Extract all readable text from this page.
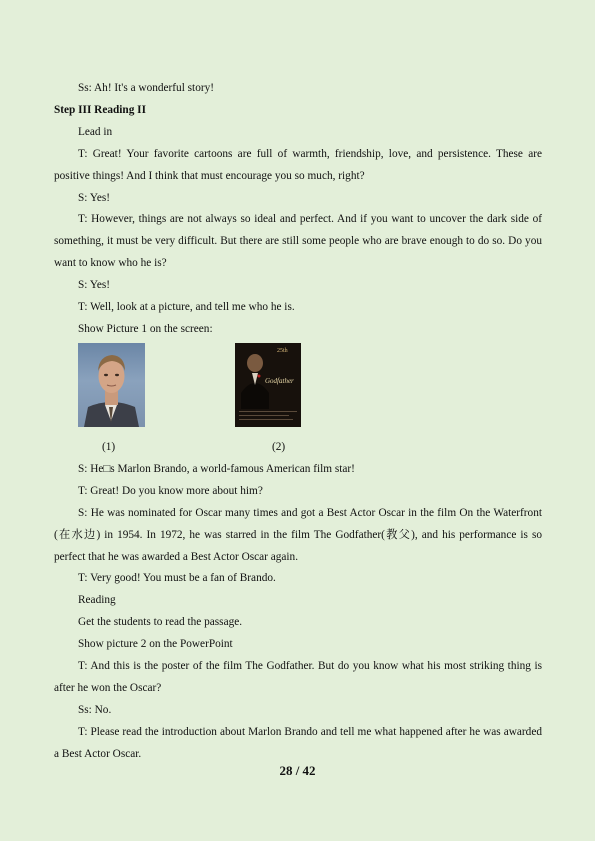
Ss: Ah! It's a wonderful story!

Step III Reading II

Lead in

T: Great! Your favorite cartoons are full of warmth, friendship, love, and persistence. These are positive things! And I think that must encourage you so much, right?

S: Yes!

T: However, things are not always so ideal and perfect. And if you want to uncover the dark side of something, it must be very difficult. But there are still some people who are brave enough to do so. Do you want to know who he is?

S: Yes!

T: Well, look at a picture, and tell me who he is.

Show Picture 1 on the screen:

25th
Godfather
(1)	(2)

S: He□s Marlon Brando, a world-famous American film star!

T: Great! Do you know more about him?

S: He was nominated for Oscar many times and got a Best Actor Oscar in the film On the Waterfront (在水边) in 1954. In 1972, he was starred in the film The Godfather(教父), and his performance is so perfect that he was awarded a Best Actor Oscar again.

T: Very good! You must be a fan of Brando.

Reading

Get the students to read the passage.

Show picture 2 on the PowerPoint

T: And this is the poster of the film The Godfather. But do you know what his most striking thing is after he won the Oscar?

Ss: No.

T: Please read the introduction about Marlon Brando and tell me what happened after he was awarded a Best Actor Oscar.

28 / 42
